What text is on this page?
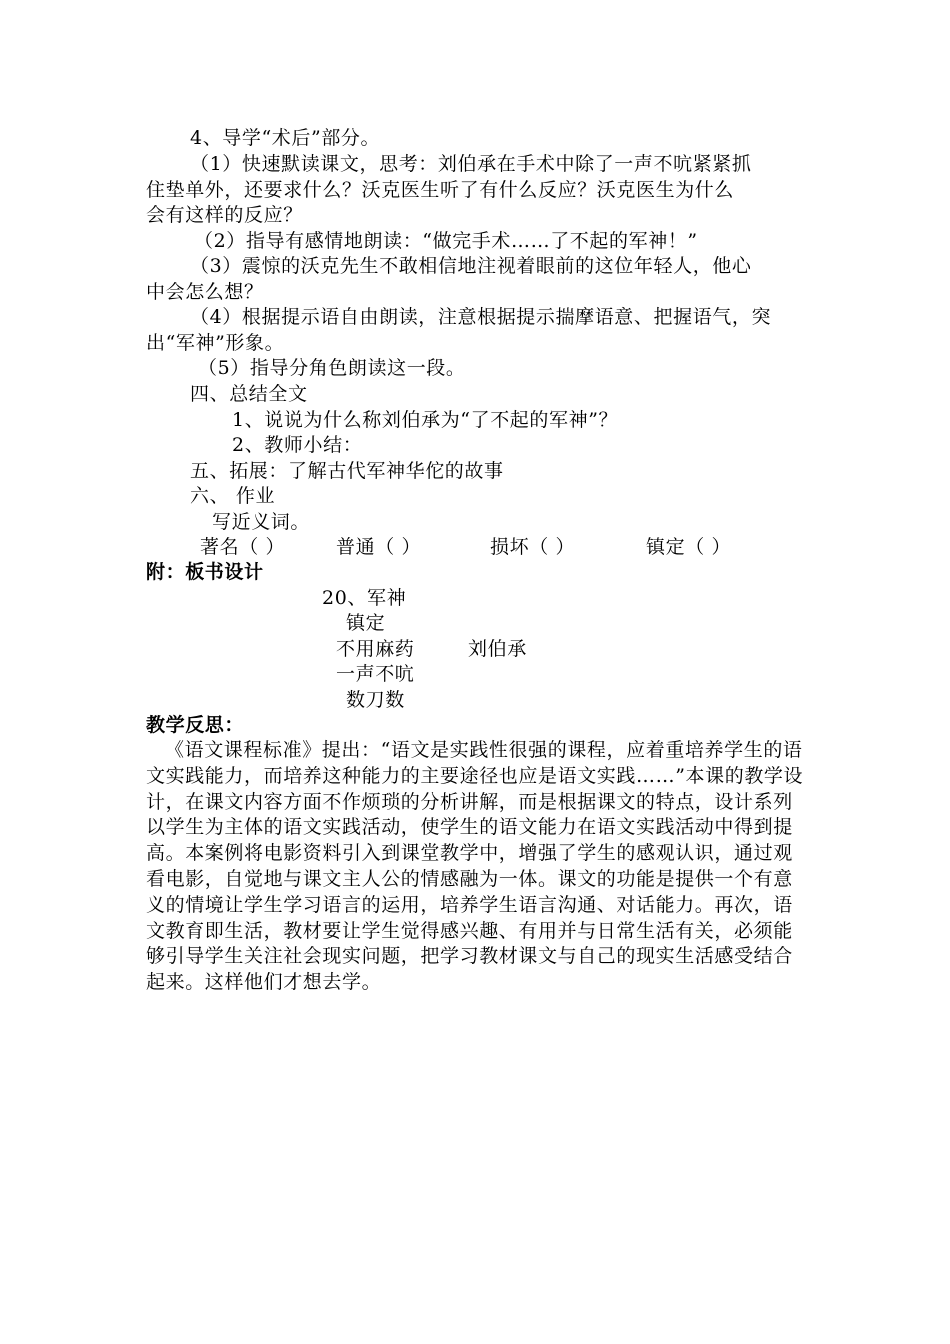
4、导学“术后”部分。
（1）快速默读课文，思考：刘伯承在手术中除了一声不吭紧紧抓
住垫单外，还要求什么？沃克医生听了有什么反应？沃克医生为什么
会有这样的反应？
（2）指导有感情地朗读：“做完手术……了不起的军神！”
（3）震惊的沃克先生不敢相信地注视着眼前的这位年轻人，他心
中会怎么想？
（4）根据提示语自由朗读，注意根据提示揣摩语意、把握语气，突
出“军神”形象。
（5）指导分角色朗读这一段。
四、总结全文
1、说说为什么称刘伯承为“了不起的军神”？
2、教师小结：
五、拓展：了解古代军神华佗的故事
六、 作业
写近义词。
著名（ ）	普通（ ）	损坏（ ）	镇定（ ）
附：板书设计
20、军神
镇定
不用麻药	刘伯承
一声不吭
数刀数
教学反思：
《语文课程标准》提出：“语文是实践性很强的课程，应着重培养学生的语文实践能力，而培养这种能力的主要途径也应是语文实践……”本课的教学设计，在课文内容方面不作烦琐的分析讲解，而是根据课文的特点，设计系列以学生为主体的语文实践活动，使学生的语文能力在语文实践活动中得到提高。本案例将电影资料引入到课堂教学中，增强了学生的感观认识，通过观看电影，自觉地与课文主人公的情感融为一体。课文的功能是提供一个有意义的情境让学生学习语言的运用，培养学生语言沟通、对话能力。再次，语文教育即生活，教材要让学生觉得感兴趣、有用并与日常生活有关，必须能够引导学生关注社会现实问题，把学习教材课文与自己的现实生活感受结合起来。这样他们才想去学。
